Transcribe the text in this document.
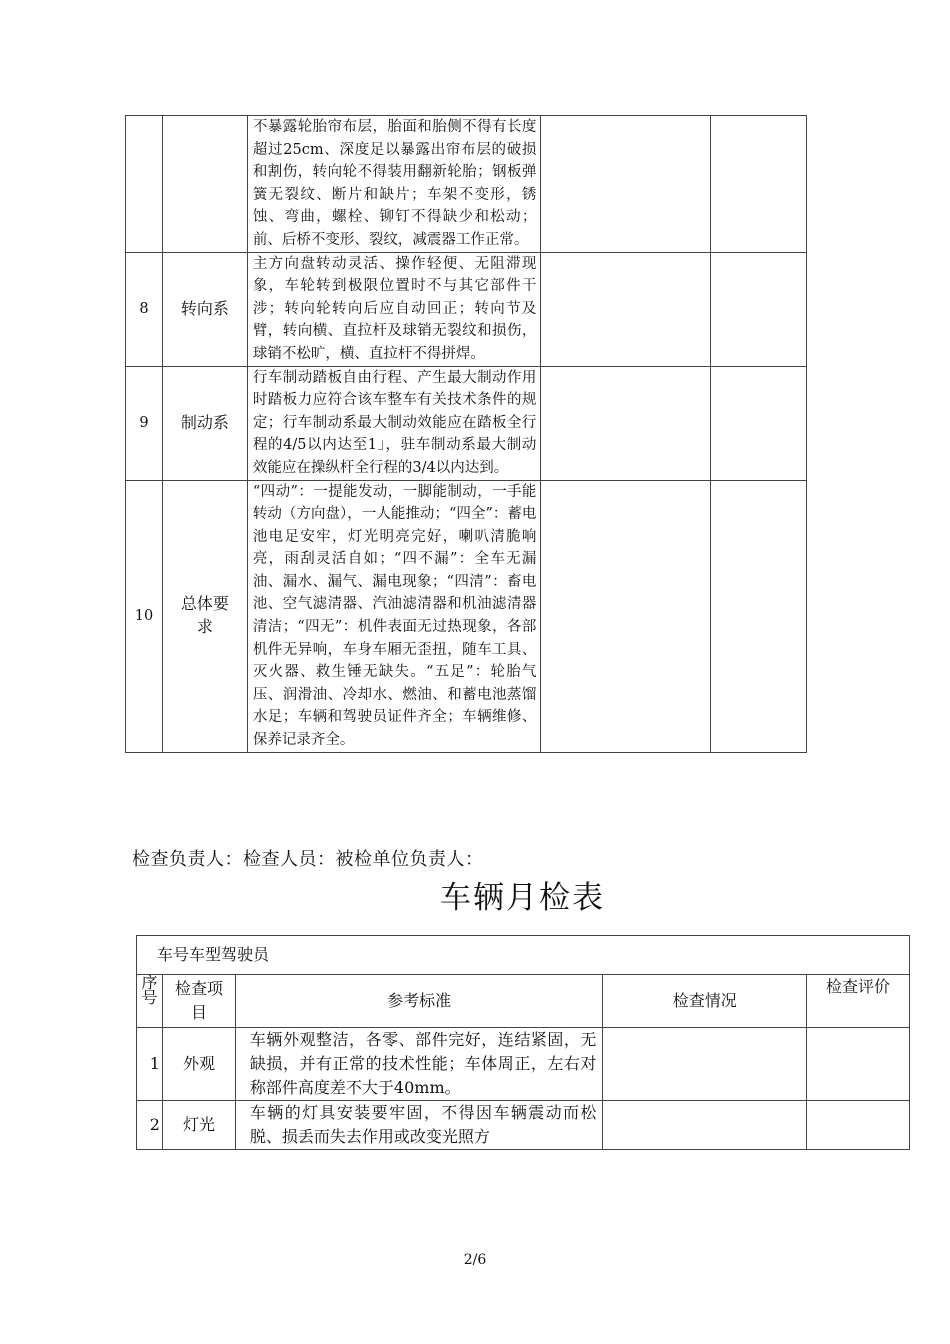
		不暴露轮胎帘布层，胎面和胎侧不得有长度超过25cm、深度足以暴露出帘布层的破损和割伤，转向轮不得装用翻新轮胎；钢板弹簧无裂纹、断片和缺片；车架不变形，锈蚀、弯曲，螺栓、铆钉不得缺少和松动；前、后桥不变形、裂纹，减震器工作正常。		
8	转向系	主方向盘转动灵活、操作轻便、无阻滞现象，车轮转到极限位置时不与其它部件干涉；转向轮转向后应自动回正；转向节及臂，转向横、直拉杆及球销无裂纹和损伤，球销不松旷，横、直拉杆不得拼焊。		
9	制动系	行车制动踏板自由行程、产生最大制动作用时踏板力应符合该车整车有关技术条件的规定；行车制动系最大制动效能应在踏板全行程的4/5以内达至1」，驻车制动系最大制动效能应在操纵杆全行程的3/4以内达到。		
10	总体要求	“四动”：一提能发动，一脚能制动，一手能转动（方向盘），一人能推动；“四全”：蓄电池电足安牢，灯光明亮完好，喇叭清脆响亮，雨刮灵活自如；“四不漏”：全车无漏油、漏水、漏气、漏电现象；“四清”：畜电池、空气滤清器、汽油滤清器和机油滤清器清洁；“四无”：机件表面无过热现象，各部机件无异响，车身车厢无歪扭，随车工具、灭火器、救生锤无缺失。“五足”：轮胎气压、润滑油、冷却水、燃油、和蓄电池蒸馏水足；车辆和驾驶员证件齐全；车辆维修、保养记录齐全。		
检查负责人：检查人员：被检单位负责人：
车辆月检表
车号车型驾驶员				
序号	检查项目	参考标准	检查情况	检查评价
1	外观	车辆外观整洁，各零、部件完好，连结紧固，无缺损，并有正常的技术性能；车体周正，左右对称部件高度差不大于40mm。		
2	灯光	车辆的灯具安装要牢固，不得因车辆震动而松脱、损丢而失去作用或改变光照方		
2/6
